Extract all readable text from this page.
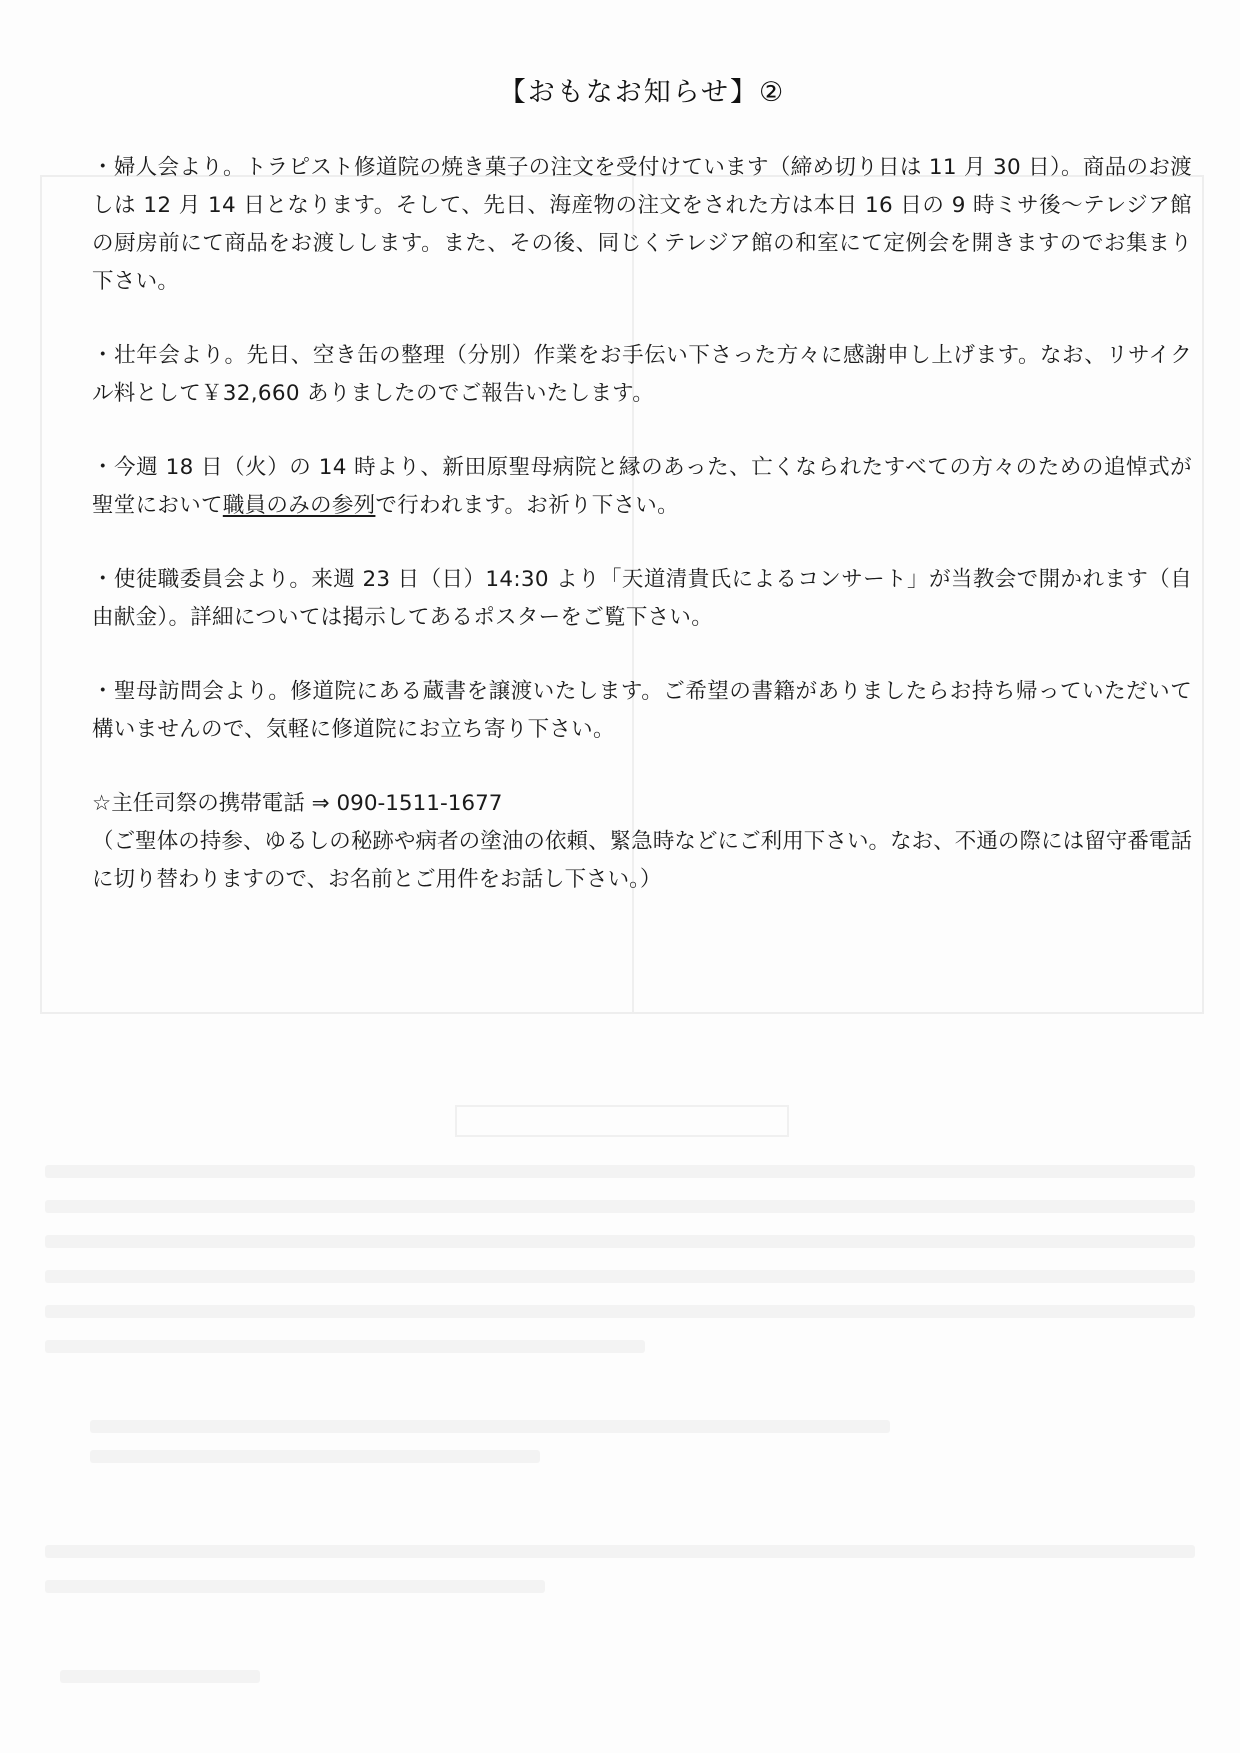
【おもなお知らせ】②

・婦人会より。トラピスト修道院の焼き菓子の注文を受付けています（締め切り日は 11 月 30 日）。商品のお渡しは 12 月 14 日となります。そして、先日、海産物の注文をされた方は本日 16 日の 9 時ミサ後～テレジア館の厨房前にて商品をお渡しします。また、その後、同じくテレジア館の和室にて定例会を開きますのでお集まり下さい。

・壮年会より。先日、空き缶の整理（分別）作業をお手伝い下さった方々に感謝申し上げます。なお、リサイクル料として￥32,660 ありましたのでご報告いたします。

・今週 18 日（火）の 14 時より、新田原聖母病院と縁のあった、亡くなられたすべての方々のための追悼式が聖堂において職員のみの参列で行われます。お祈り下さい。

・使徒職委員会より。来週 23 日（日）14:30 より「天道清貴氏によるコンサート」が当教会で開かれます（自由献金）。詳細については掲示してあるポスターをご覧下さい。

・聖母訪問会より。修道院にある蔵書を譲渡いたします。ご希望の書籍がありましたらお持ち帰っていただいて構いませんので、気軽に修道院にお立ち寄り下さい。

☆主任司祭の携帯電話 ⇒ 090-1511-1677

（ご聖体の持参、ゆるしの秘跡や病者の塗油の依頼、緊急時などにご利用下さい。なお、不通の際には留守番電話に切り替わりますので、お名前とご用件をお話し下さい。）
